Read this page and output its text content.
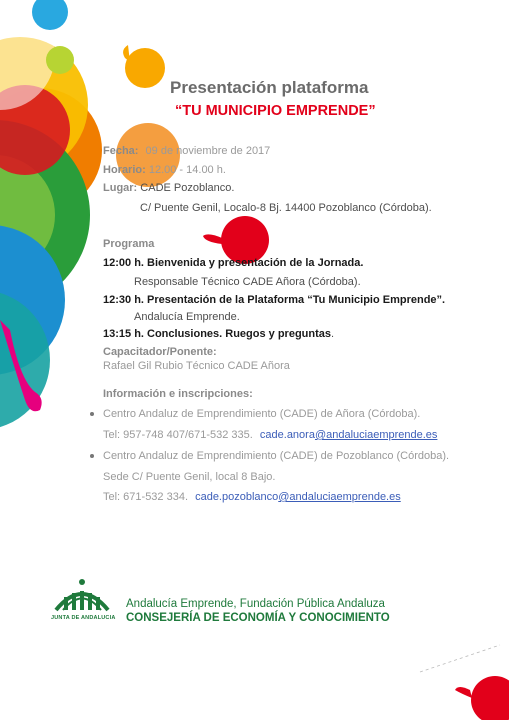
Presentación plataforma
“TU MUNICIPIO EMPRENDE”
Fecha: 09 de noviembre de 2017
Horario: 12.00 - 14.00 h.
Lugar: CADE Pozoblanco.
C/ Puente Genil, Localo-8 Bj. 14400 Pozoblanco (Córdoba).
Programa
12:00 h. Bienvenida y presentación de la Jornada.
Responsable Técnico CADE Añora (Córdoba).
12:30 h. Presentación de la Plataforma “Tu Municipio Emprende”.
Andalucía Emprende.
13:15 h. Conclusiones. Ruegos y preguntas.
Capacitador/Ponente:
Rafael Gil Rubio Técnico CADE Añora
Información e inscripciones:
Centro Andaluz de Emprendimiento (CADE) de Añora (Córdoba).
Tel: 957-748 407/671-532 335. cade.anora@andaluciaemprende.es
Centro Andaluz de Emprendimiento (CADE) de Pozoblanco (Córdoba).
Sede C/ Puente Genil, local 8 Bajo.
Tel: 671-532 334. cade.pozoblanco@andaluciaemprende.es
JUNTA DE ANDALUCIA
Andalucía Emprende, Fundación Pública Andaluza
CONSEJERÍA DE ECONOMÍA Y CONOCIMIENTO
